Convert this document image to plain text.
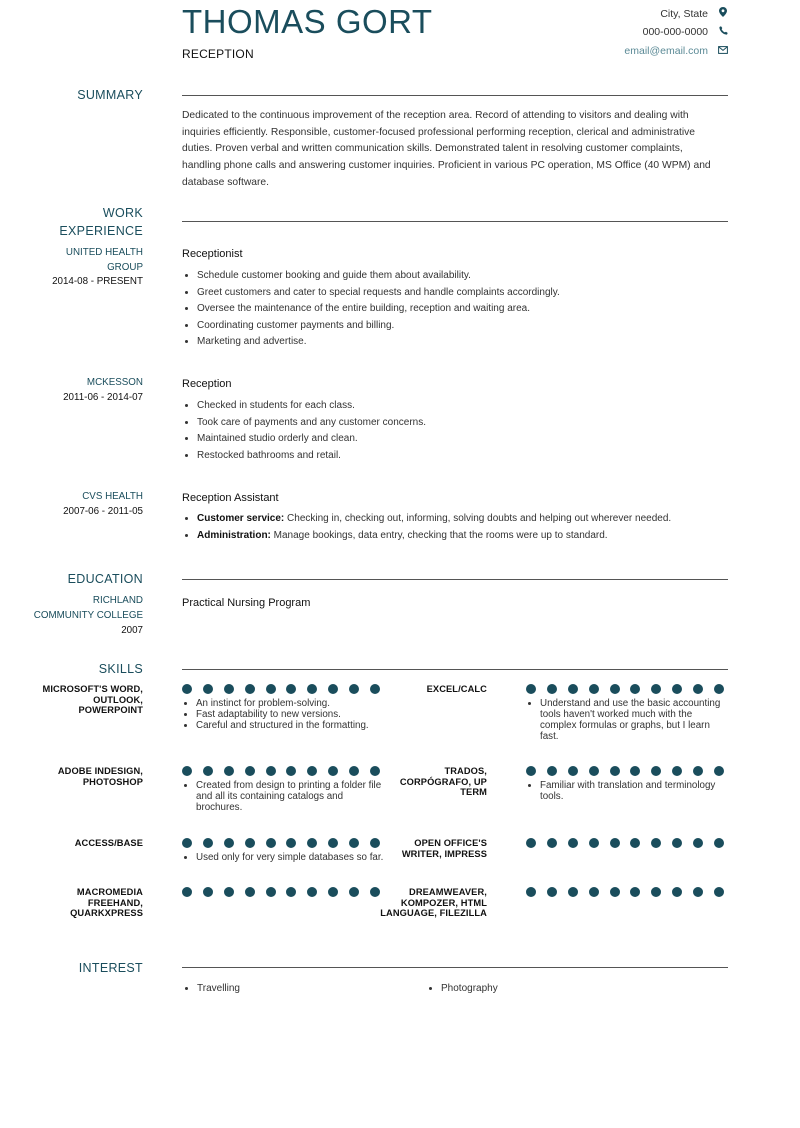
THOMAS GORT
RECEPTION
City, State
000-000-0000
email@email.com
SUMMARY
Dedicated to the continuous improvement of the reception area. Record of attending to visitors and dealing with inquiries efficiently. Responsible, customer-focused professional performing reception, clerical and administrative duties. Proven verbal and written communication skills. Demonstrated talent in resolving customer complaints, handling phone calls and answering customer inquiries. Proficient in various PC operation, MS Office (40 WPM) and database software.
WORK
EXPERIENCE
UNITED HEALTH
GROUP
2014-08 - PRESENT
Receptionist
• Schedule customer booking and guide them about availability.
• Greet customers and cater to special requests and handle complaints accordingly.
• Oversee the maintenance of the entire building, reception and waiting area.
• Coordinating customer payments and billing.
• Marketing and advertise.
MCKESSON
2011-06 - 2014-07
Reception
• Checked in students for each class.
• Took care of payments and any customer concerns.
• Maintained studio orderly and clean.
• Restocked bathrooms and retail.
CVS HEALTH
2007-06 - 2011-05
Reception Assistant
• Customer service: Checking in, checking out, informing, solving doubts and helping out wherever needed.
• Administration: Manage bookings, data entry, checking that the rooms were up to standard.
EDUCATION
RICHLAND
COMMUNITY COLLEGE
2007
Practical Nursing Program
SKILLS
MICROSOFT'S WORD,
OUTLOOK,
POWERPOINT
• An instinct for problem-solving.
• Fast adaptability to new versions.
• Careful and structured in the formatting.
EXCEL/CALC
• Understand and use the basic accounting tools haven't worked much with the complex formulas or graphs, but I learn fast.
ADOBE INDESIGN,
PHOTOSHOP	• Created from design to printing a folder file and all its containing catalogs and brochures.
TRADOS,
CORPÓGRAFO, UP
TERM
• Familiar with translation and terminology tools.
ACCESS/BASE
• Used only for very simple databases so far.
OPEN OFFICE'S
WRITER, IMPRESS
MACROMEDIA
FREEHAND,
QUARKXPRESS
DREAMWEAVER,
KOMPOZER, HTML
LANGUAGE, FILEZILLA
INTEREST
• Travelling	• Photography
